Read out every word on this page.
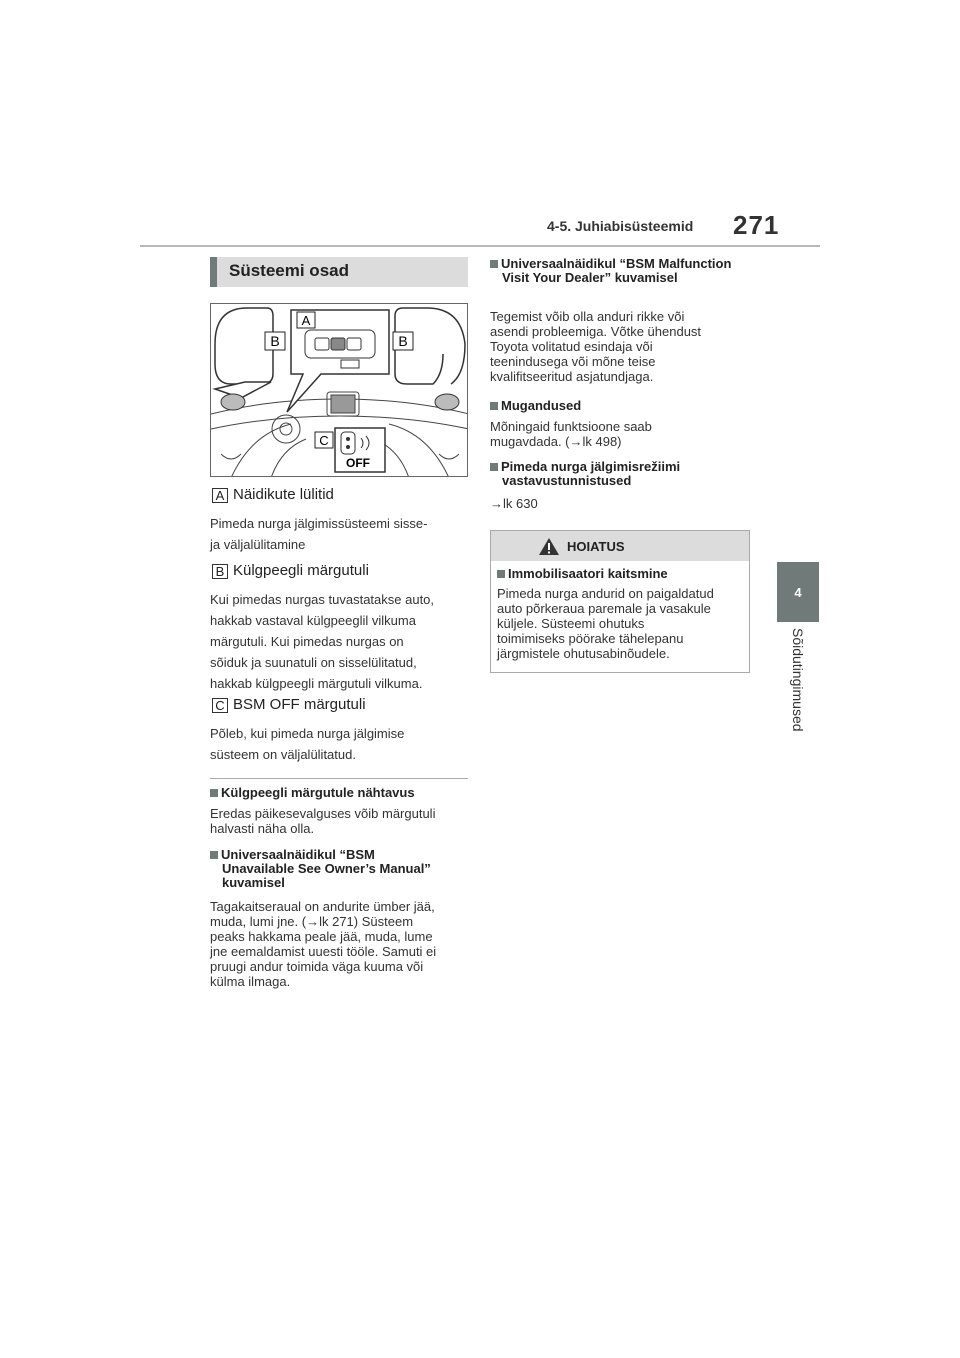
4-5. Juhiabisüsteemid 271
4
Sõidutingimused
Süsteemi osad
A
B	B
OFF
C
A Näidikute lülitid
Pimeda nurga jälgimissüsteemi sisse-
ja väljalülitamine
B Külgpeegli märgutuli
Kui pimedas nurgas tuvastatakse auto,
hakkab vastaval külgpeeglil vilkuma
märgutuli. Kui pimedas nurgas on
sõiduk ja suunatuli on sisselülitatud,
hakkab külgpeegli märgutuli vilkuma.
C BSM OFF märgutuli
Põleb, kui pimeda nurga jälgimise
süsteem on väljalülitatud.
Külgpeegli märgutule nähtavus
Eredas päikesevalguses võib märgutuli
halvasti näha olla.
Universaalnäidikul “BSM Unavailable See Owner’s Manual” kuvamisel
Tagakaitseraual on andurite ümber jää,
muda, lumi jne. (→lk 271) Süsteem
peaks hakkama peale jää, muda, lume
jne eemaldamist uuesti tööle. Samuti ei
pruugi andur toimida väga kuuma või
külma ilmaga.
Universaalnäidikul “BSM Malfunction Visit Your Dealer” kuvamisel
Tegemist võib olla anduri rikke või
asendi probleemiga. Võtke ühendust
Toyota volitatud esindaja või
teenindusega või mõne teise
kvalifitseeritud asjatundjaga.
Mugandused
Mõningaid funktsioone saab
mugavdada. (→lk 498)
Pimeda nurga jälgimisrežiimi vastavustunnistused
→lk 630
HOIATUS
Immobilisaatori kaitsmine
Pimeda nurga andurid on paigaldatud
auto põrkeraua paremale ja vasakule
küljele. Süsteemi ohutuks
toimimiseks pöörake tähelepanu
järgmistele ohutusabinõudele.
